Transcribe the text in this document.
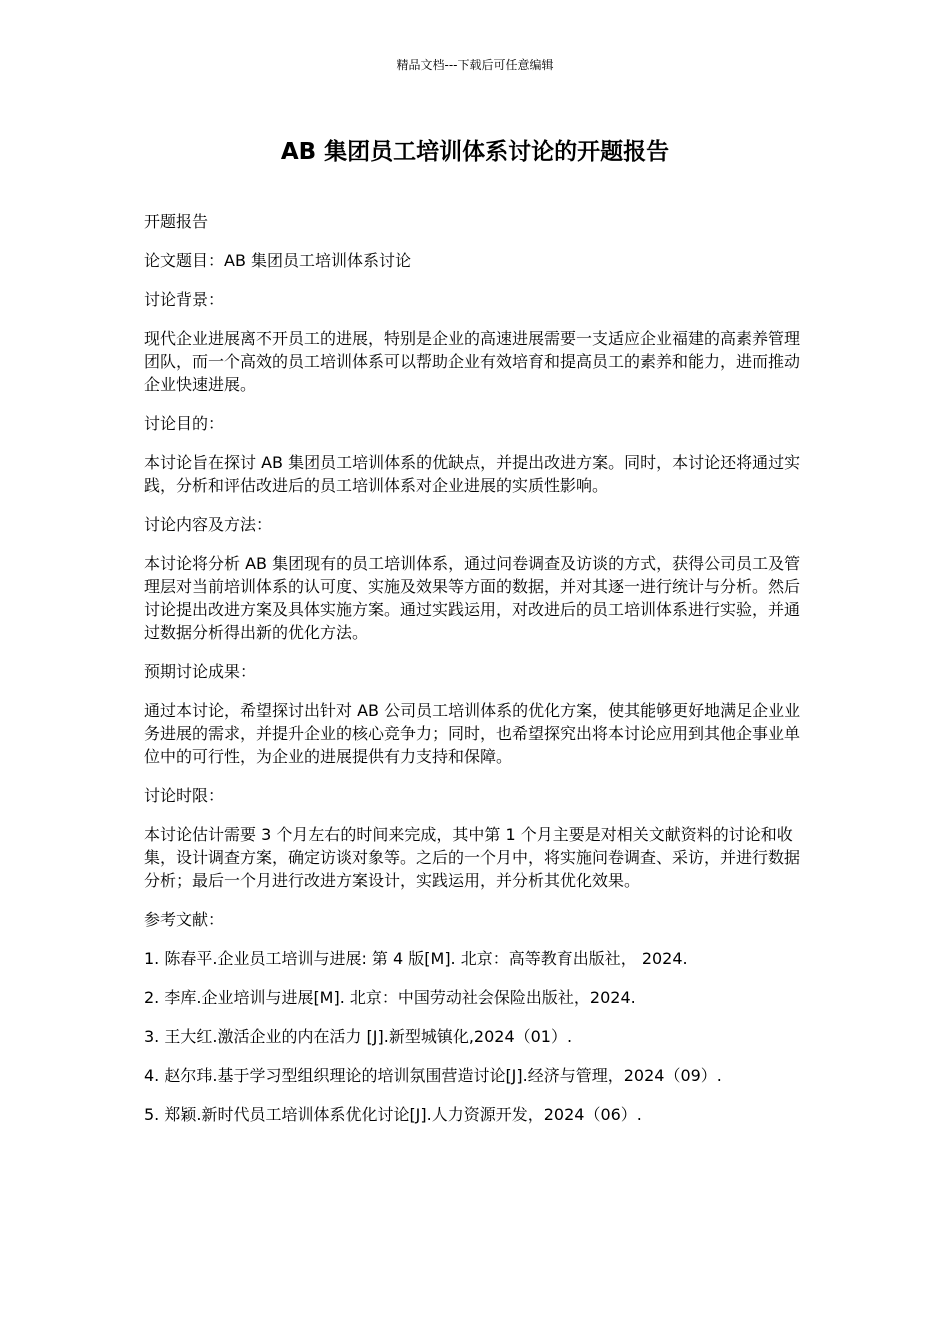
精品文档---下载后可任意编辑
AB 集团员工培训体系讨论的开题报告

开题报告

论文题目：AB 集团员工培训体系讨论

讨论背景：

现代企业进展离不开员工的进展，特别是企业的高速进展需要一支适应企业福建的高素养管理团队，而一个高效的员工培训体系可以帮助企业有效培育和提高员工的素养和能力，进而推动企业快速进展。

讨论目的：

本讨论旨在探讨 AB 集团员工培训体系的优缺点，并提出改进方案。同时，本讨论还将通过实践，分析和评估改进后的员工培训体系对企业进展的实质性影响。

讨论内容及方法：

本讨论将分析 AB 集团现有的员工培训体系，通过问卷调查及访谈的方式，获得公司员工及管理层对当前培训体系的认可度、实施及效果等方面的数据，并对其逐一进行统计与分析。然后讨论提出改进方案及具体实施方案。通过实践运用，对改进后的员工培训体系进行实验，并通过数据分析得出新的优化方法。

预期讨论成果：

通过本讨论，希望探讨出针对 AB 公司员工培训体系的优化方案，使其能够更好地满足企业业务进展的需求，并提升企业的核心竞争力；同时，也希望探究出将本讨论应用到其他企事业单位中的可行性，为企业的进展提供有力支持和保障。

讨论时限：

本讨论估计需要 3 个月左右的时间来完成，其中第 1 个月主要是对相关文献资料的讨论和收集，设计调查方案，确定访谈对象等。之后的一个月中，将实施问卷调查、采访，并进行数据分析；最后一个月进行改进方案设计，实践运用，并分析其优化效果。

参考文献：

1. 陈春平.企业员工培训与进展: 第 4 版[M]. 北京：高等教育出版社， 2024.

2. 李库.企业培训与进展[M]. 北京：中国劳动社会保险出版社，2024.

3. 王大红.激活企业的内在活力 [J].新型城镇化,2024（01）.

4. 赵尔玮.基于学习型组织理论的培训氛围营造讨论[J].经济与管理，2024（09）.

5. 郑颖.新时代员工培训体系优化讨论[J].人力资源开发，2024（06）.
